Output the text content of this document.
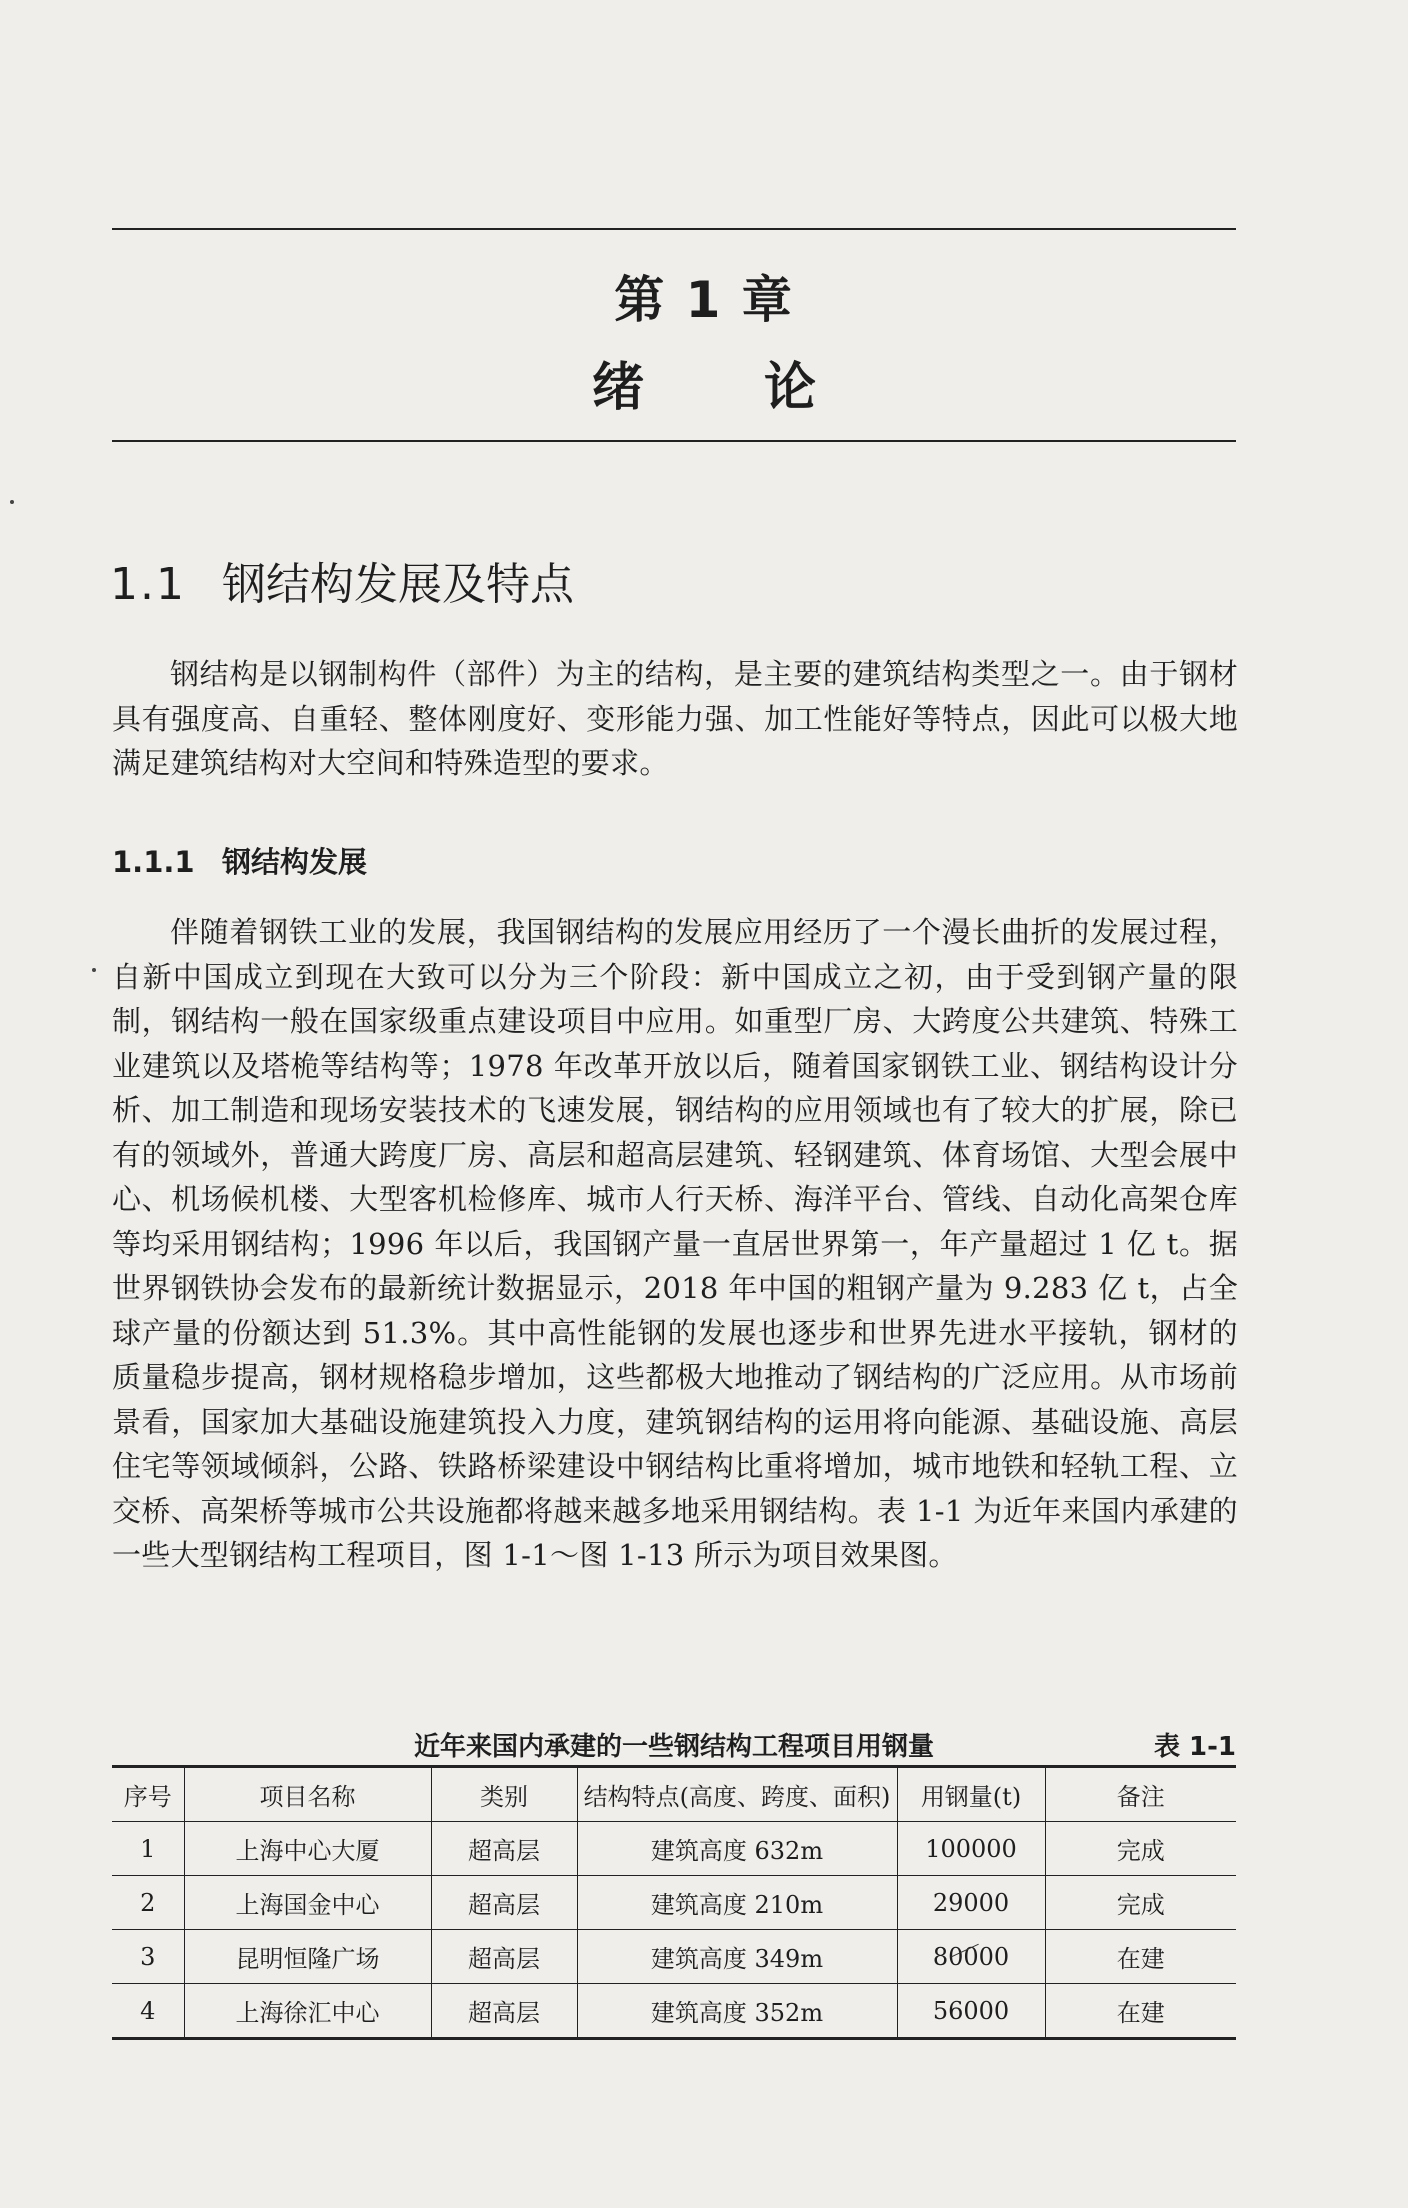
第 1 章
绪论
1.1 钢结构发展及特点

钢结构是以钢制构件（部件）为主的结构，是主要的建筑结构类型之一。由于钢材具有强度高、自重轻、整体刚度好、变形能力强、加工性能好等特点，因此可以极大地满足建筑结构对大空间和特殊造型的要求。

1.1.1 钢结构发展

伴随着钢铁工业的发展，我国钢结构的发展应用经历了一个漫长曲折的发展过程，自新中国成立到现在大致可以分为三个阶段：新中国成立之初，由于受到钢产量的限制，钢结构一般在国家级重点建设项目中应用。如重型厂房、大跨度公共建筑、特殊工业建筑以及塔桅等结构等；1978 年改革开放以后，随着国家钢铁工业、钢结构设计分析、加工制造和现场安装技术的飞速发展，钢结构的应用领域也有了较大的扩展，除已有的领域外，普通大跨度厂房、高层和超高层建筑、轻钢建筑、体育场馆、大型会展中心、机场候机楼、大型客机检修库、城市人行天桥、海洋平台、管线、自动化高架仓库等均采用钢结构；1996 年以后，我国钢产量一直居世界第一，年产量超过 1 亿 t。据世界钢铁协会发布的最新统计数据显示，2018 年中国的粗钢产量为 9.283 亿 t，占全球产量的份额达到 51.3%。其中高性能钢的发展也逐步和世界先进水平接轨，钢材的质量稳步提高，钢材规格稳步增加，这些都极大地推动了钢结构的广泛应用。从市场前景看，国家加大基础设施建筑投入力度，建筑钢结构的运用将向能源、基础设施、高层住宅等领域倾斜，公路、铁路桥梁建设中钢结构比重将增加，城市地铁和轻轨工程、立交桥、高架桥等城市公共设施都将越来越多地采用钢结构。表 1-1 为近年来国内承建的一些大型钢结构工程项目，图 1-1～图 1-13 所示为项目效果图。

近年来国内承建的一些钢结构工程项目用钢量	表 1-1
序号	项目名称	类别	结构特点(高度、跨度、面积)	用钢量(t)	备注
1	上海中心大厦	超高层	建筑高度 632m	100000	完成
2	上海国金中心	超高层	建筑高度 210m	29000	完成
3	昆明恒隆广场	超高层	建筑高度 349m	80000	在建
4	上海徐汇中心	超高层	建筑高度 352m	56000	在建
